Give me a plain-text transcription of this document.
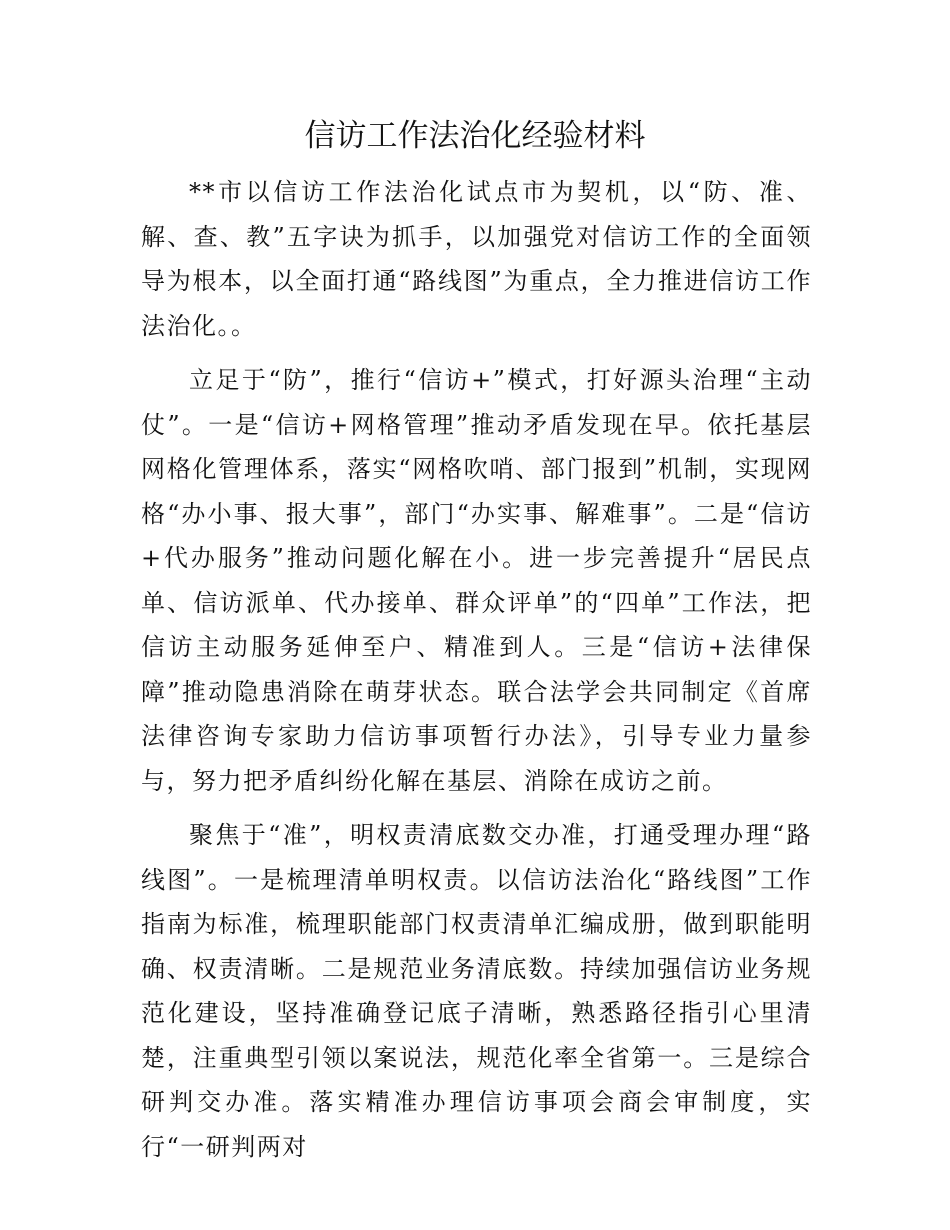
信访工作法治化经验材料

**市以信访工作法治化试点市为契机，以“防、准、解、查、教”五字诀为抓手，以加强党对信访工作的全面领导为根本，以全面打通“路线图”为重点，全力推进信访工作法治化。。

立足于“防”，推行“信访+”模式，打好源头治理“主动仗”。一是“信访+网格管理”推动矛盾发现在早。依托基层网格化管理体系，落实“网格吹哨、部门报到”机制，实现网格“办小事、报大事”，部门“办实事、解难事”。二是“信访+代办服务”推动问题化解在小。进一步完善提升“居民点单、信访派单、代办接单、群众评单”的“四单”工作法，把信访主动服务延伸至户、精准到人。三是“信访+法律保障”推动隐患消除在萌芽状态。联合法学会共同制定《首席法律咨询专家助力信访事项暂行办法》，引导专业力量参与，努力把矛盾纠纷化解在基层、消除在成访之前。

聚焦于“准”，明权责清底数交办准，打通受理办理“路线图”。一是梳理清单明权责。以信访法治化“路线图”工作指南为标准，梳理职能部门权责清单汇编成册，做到职能明确、权责清晰。二是规范业务清底数。持续加强信访业务规范化建设，坚持准确登记底子清晰，熟悉路径指引心里清楚，注重典型引领以案说法，规范化率全省第一。三是综合研判交办准。落实精准办理信访事项会商会审制度，实行“一研判两对
